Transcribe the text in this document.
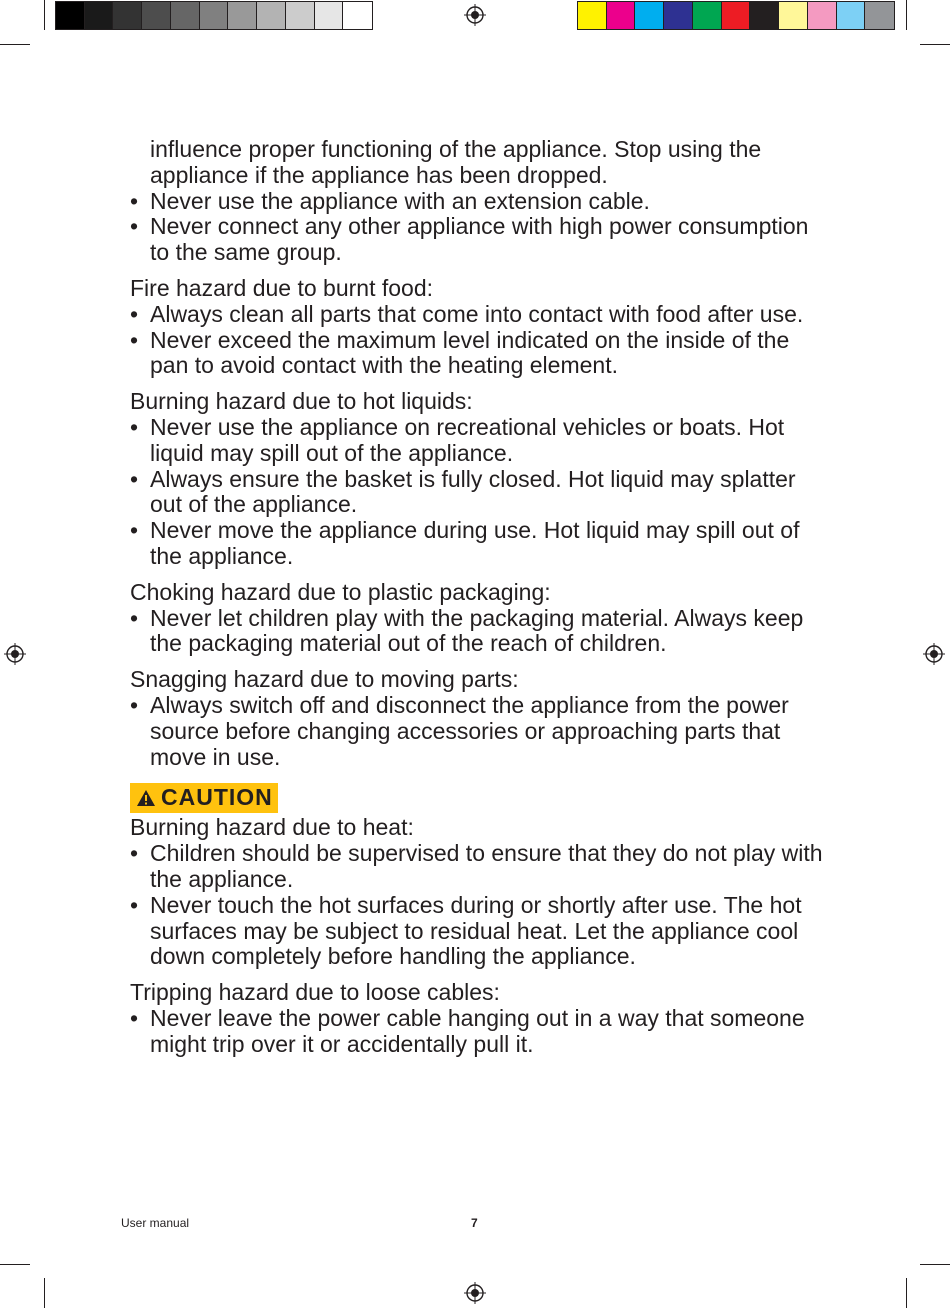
influence proper functioning of the appliance. Stop using the appliance if the appliance has been dropped.
• Never use the appliance with an extension cable.
• Never connect any other appliance with high power consumption to the same group.
Fire hazard due to burnt food:
• Always clean all parts that come into contact with food after use.
• Never exceed the maximum level indicated on the inside of the pan to avoid contact with the heating element.
Burning hazard due to hot liquids:
• Never use the appliance on recreational vehicles or boats. Hot liquid may spill out of the appliance.
• Always ensure the basket is fully closed. Hot liquid may splatter out of the appliance.
• Never move the appliance during use. Hot liquid may spill out of the appliance.
Choking hazard due to plastic packaging:
• Never let children play with the packaging material. Always keep the packaging material out of the reach of children.
Snagging hazard due to moving parts:
• Always switch off and disconnect the appliance from the power source before changing accessories or approaching parts that move in use.
CAUTION
Burning hazard due to heat:
• Children should be supervised to ensure that they do not play with the appliance.
• Never touch the hot surfaces during or shortly after use. The hot surfaces may be subject to residual heat. Let the appliance cool down completely before handling the appliance.
Tripping hazard due to loose cables:
• Never leave the power cable hanging out in a way that someone might trip over it or accidentally pull it.
User manual	7
